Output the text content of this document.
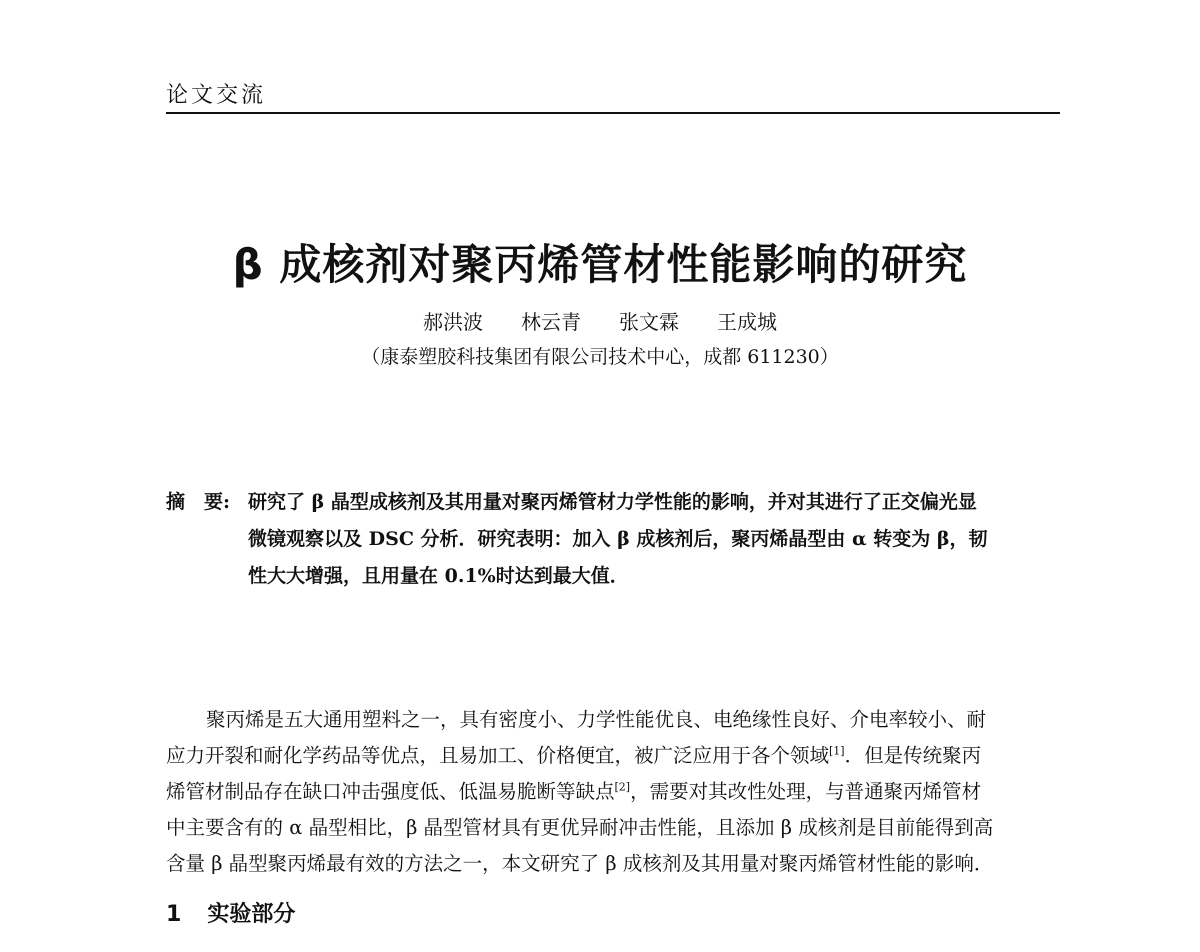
论文交流
β 成核剂对聚丙烯管材性能影响的研究
郝洪波 林云青 张文霖 王成城
（康泰塑胶科技集团有限公司技术中心，成都 611230）
摘　要: 研究了 β 晶型成核剂及其用量对聚丙烯管材力学性能的影响，并对其进行了正交偏光显
微镜观察以及 DSC 分析．研究表明：加入 β 成核剂后，聚丙烯晶型由 α 转变为 β，韧
性大大增强，且用量在 0.1%时达到最大值．
聚丙烯是五大通用塑料之一，具有密度小、力学性能优良、电绝缘性良好、介电率较小、耐
应力开裂和耐化学药品等优点，且易加工、价格便宜，被广泛应用于各个领域[1]．但是传统聚丙
烯管材制品存在缺口冲击强度低、低温易脆断等缺点[2]，需要对其改性处理，与普通聚丙烯管材
中主要含有的 α 晶型相比，β 晶型管材具有更优异耐冲击性能，且添加 β 成核剂是目前能得到高
含量 β 晶型聚丙烯最有效的方法之一，本文研究了 β 成核剂及其用量对聚丙烯管材性能的影响．
1 实验部分
